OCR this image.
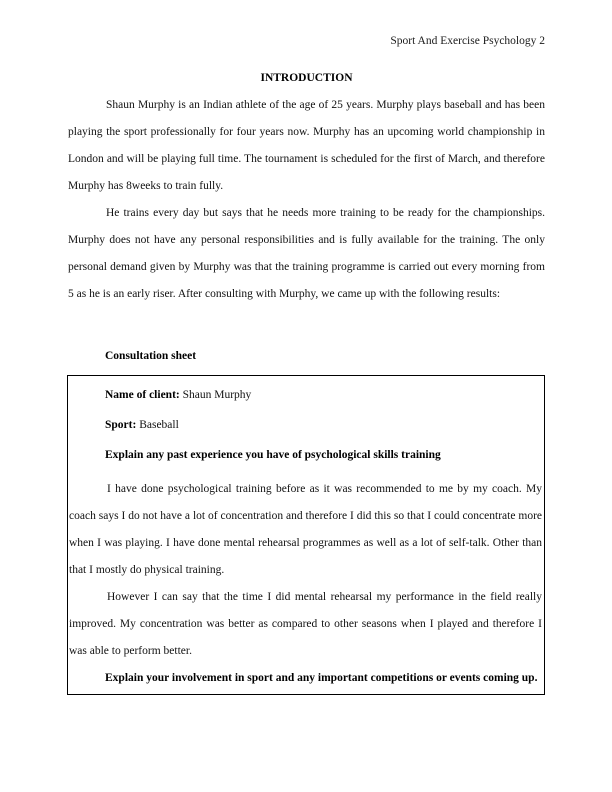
Sport And Exercise Psychology 2
INTRODUCTION

Shaun Murphy is an Indian athlete of the age of 25 years. Murphy plays baseball and has been playing the sport professionally for four years now. Murphy has an upcoming world championship in London and will be playing full time. The tournament is scheduled for the first of March, and therefore Murphy has 8weeks to train fully.

He trains every day but says that he needs more training to be ready for the championships. Murphy does not have any personal responsibilities and is fully available for the training. The only personal demand given by Murphy was that the training programme is carried out every morning from 5 as he is an early riser. After consulting with Murphy, we came up with the following results:

Consultation sheet

Name of client: Shaun Murphy

Sport: Baseball

Explain any past experience you have of psychological skills training

I have done psychological training before as it was recommended to me by my coach. My coach says I do not have a lot of concentration and therefore I did this so that I could concentrate more when I was playing. I have done mental rehearsal programmes as well as a lot of self-talk. Other than that I mostly do physical training.

However I can say that the time I did mental rehearsal my performance in the field really improved. My concentration was better as compared to other seasons when I played and therefore I was able to perform better.

Explain your involvement in sport and any important competitions or events coming up.
